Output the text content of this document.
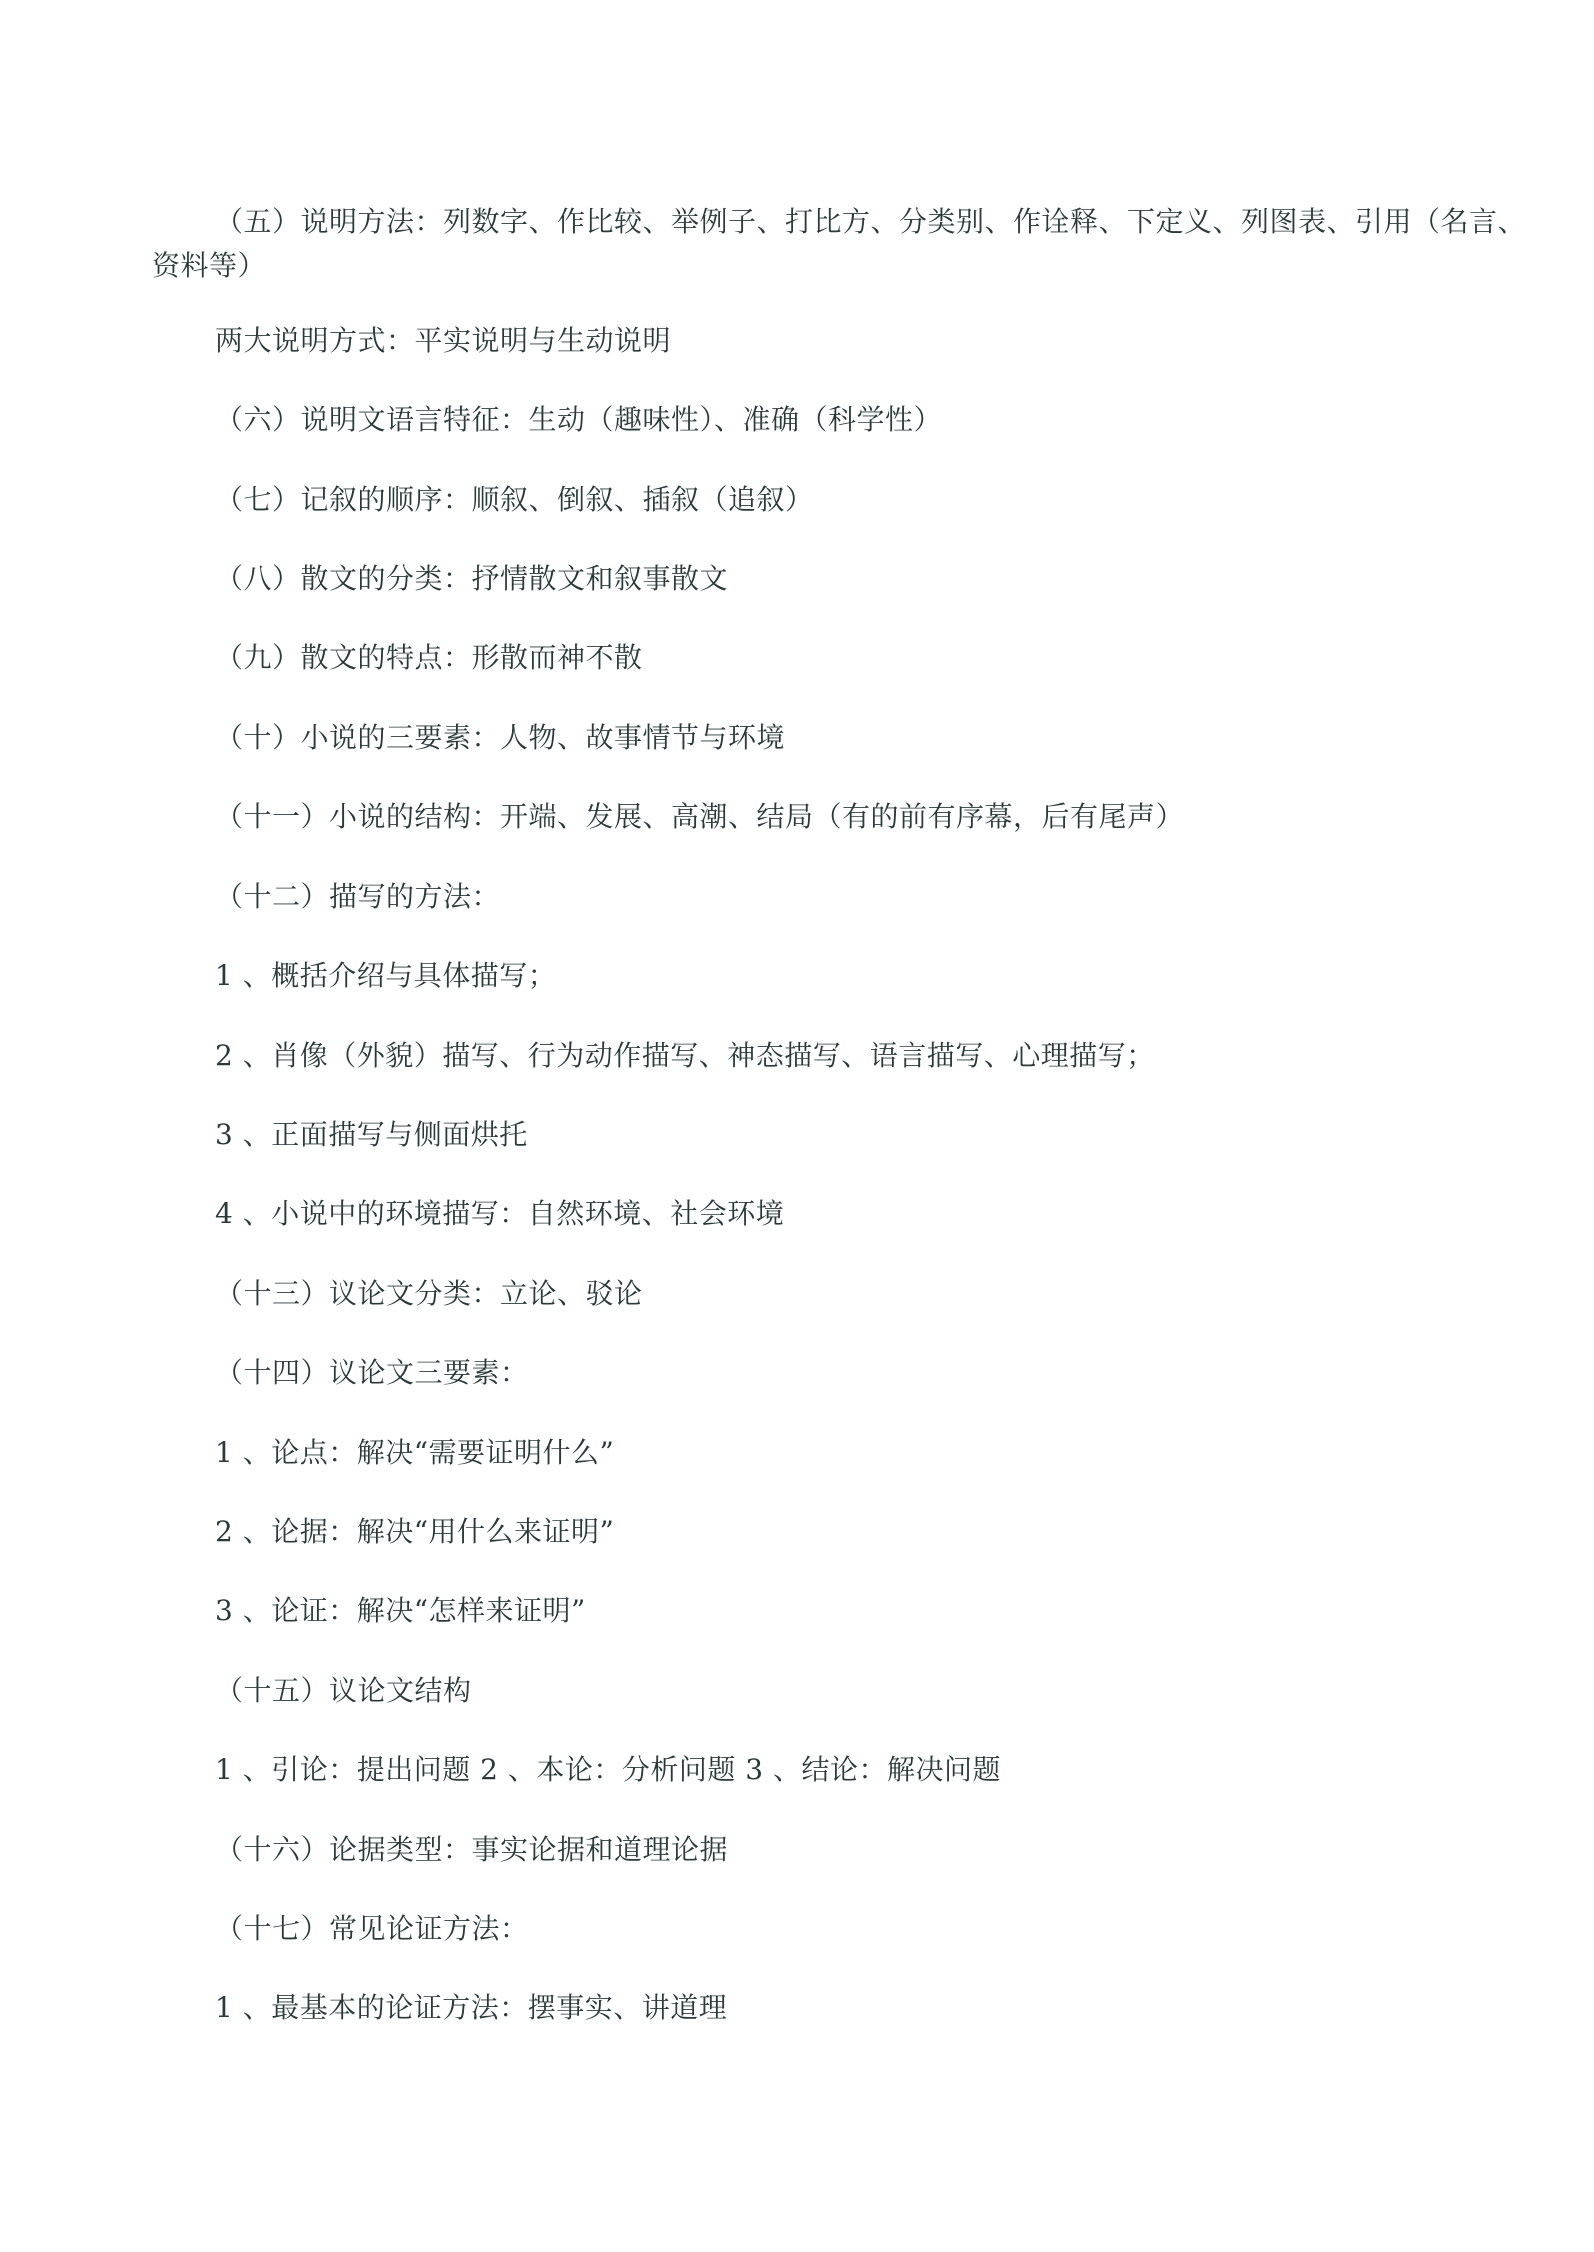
（五）说明方法：列数字、作比较、举例子、打比方、分类别、作诠释、下定义、列图表、引用（名言、资料等）
两大说明方式：平实说明与生动说明
（六）说明文语言特征：生动（趣味性）、准确（科学性）
（七）记叙的顺序：顺叙、倒叙、插叙（追叙）
（八）散文的分类：抒情散文和叙事散文
（九）散文的特点：形散而神不散
（十）小说的三要素：人物、故事情节与环境
（十一）小说的结构：开端、发展、高潮、结局（有的前有序幕，后有尾声）
（十二）描写的方法：
1 、概括介绍与具体描写；
2 、肖像（外貌）描写、行为动作描写、神态描写、语言描写、心理描写；
3 、正面描写与侧面烘托
4 、小说中的环境描写：自然环境、社会环境
（十三）议论文分类：立论、驳论
（十四）议论文三要素：
1 、论点：解决“需要证明什么”
2 、论据：解决“用什么来证明”
3 、论证：解决“怎样来证明”
（十五）议论文结构
1 、引论：提出问题 2 、本论：分析问题 3 、结论：解决问题
（十六）论据类型：事实论据和道理论据
（十七）常见论证方法：
1 、最基本的论证方法：摆事实、讲道理
